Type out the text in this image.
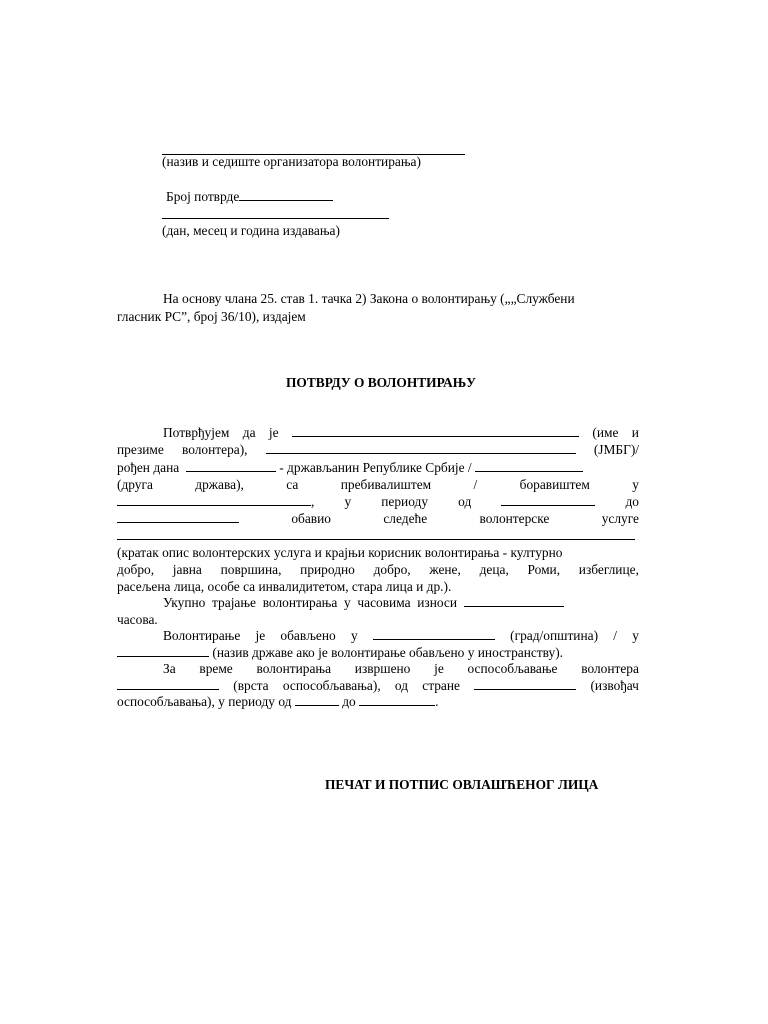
(назив и седиште организатора волонтирања)
Број потврде
(дан, месец и година издавања)
На основу члана 25. став 1. тачка 2) Закона о волонтирању („„Службени
гласник РС”, број 36/10), издајем
ПОТВРДУ О ВОЛОНТИРАЊУ
Потврђујем да је	(име и
презиме волонтера),	(ЈМБГ)/
рођен дана	- држављанин Републике Србије /
(друга	држава),	са	пребивалиштем	/	боравиштем	у
, у периоду од	до
обавио	следеће	волонтерске	услуге
(кратак опис волонтерских услуга и крајњи корисник волонтирања - културно
добро, јавна површина, природно добро, жене, деца, Роми, избеглице,
расељена лица, особе са инвалидитетом, стара лица и др.).
Укупно трајање волонтирања у часовима износи
часова.
Волонтирање је обављено у	(град/општина) / у
(назив државе ако је волонтирање обављено у иностранству).
За време волонтирања извршено је оспособљавање волонтера
(врста оспособљавања), од стране	(извођач
оспособљавања), у периоду од	до	.
ПЕЧАТ И ПОТПИС ОВЛАШЋЕНОГ ЛИЦА
